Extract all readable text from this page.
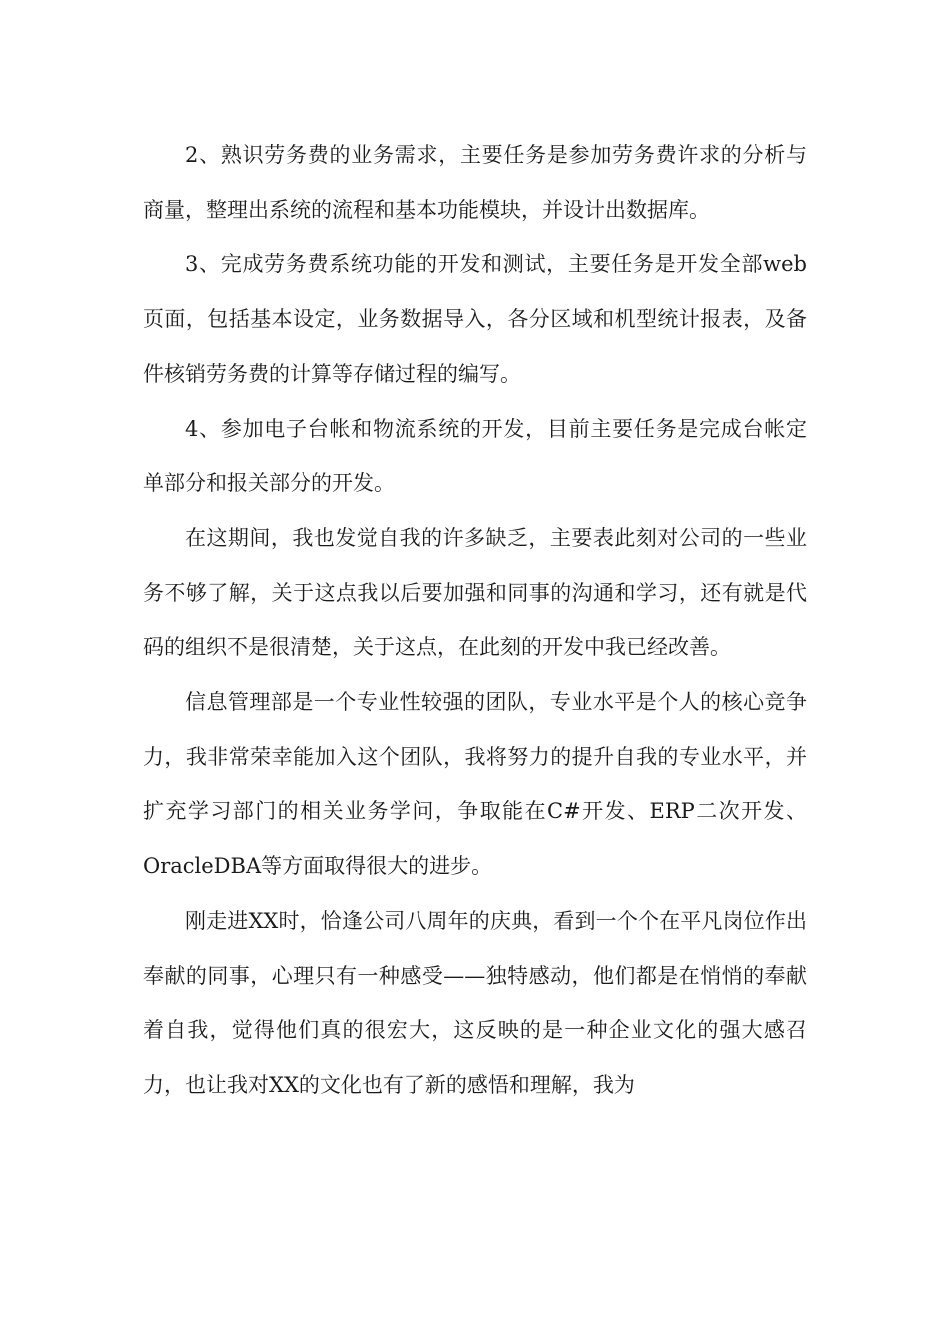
2、熟识劳务费的业务需求，主要任务是参加劳务费许求的分析与商量，整理出系统的流程和基本功能模块，并设计出数据库。

3、完成劳务费系统功能的开发和测试，主要任务是开发全部web页面，包括基本设定，业务数据导入，各分区域和机型统计报表，及备件核销劳务费的计算等存储过程的编写。

4、参加电子台帐和物流系统的开发，目前主要任务是完成台帐定单部分和报关部分的开发。

在这期间，我也发觉自我的许多缺乏，主要表此刻对公司的一些业务不够了解，关于这点我以后要加强和同事的沟通和学习，还有就是代码的组织不是很清楚，关于这点，在此刻的开发中我已经改善。

信息管理部是一个专业性较强的团队，专业水平是个人的核心竞争力，我非常荣幸能加入这个团队，我将努力的提升自我的专业水平，并扩充学习部门的相关业务学问，争取能在C#开发、ERP二次开发、OracleDBA等方面取得很大的进步。

刚走进XX时，恰逢公司八周年的庆典，看到一个个在平凡岗位作出奉献的同事，心理只有一种感受——独特感动，他们都是在悄悄的奉献着自我，觉得他们真的很宏大，这反映的是一种企业文化的强大感召力，也让我对XX的文化也有了新的感悟和理解，我为
